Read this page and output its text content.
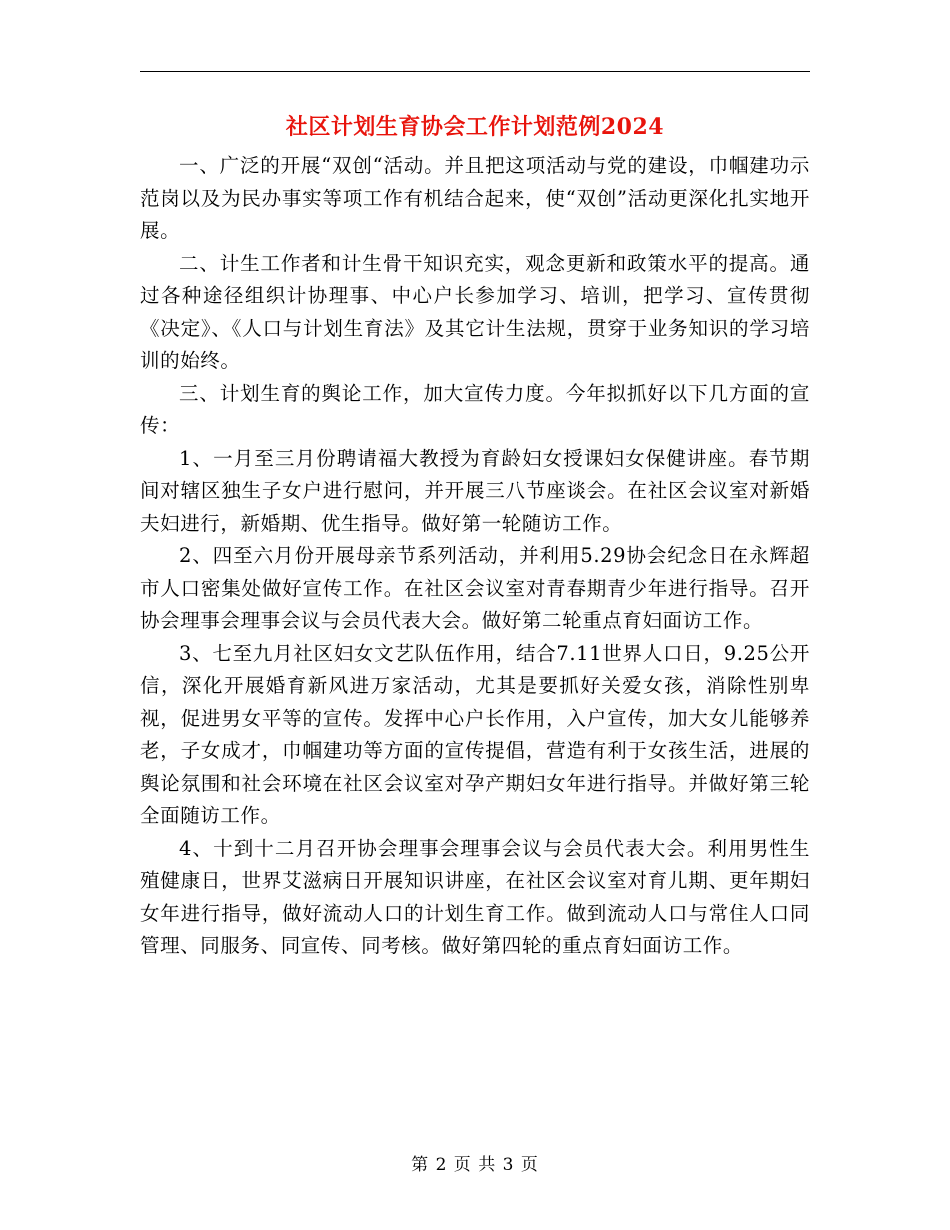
社区计划生育协会工作计划范例2024

一、广泛的开展“双创“活动。并且把这项活动与党的建设，巾帼建功示范岗以及为民办事实等项工作有机结合起来，使“双创”活动更深化扎实地开展。

二、计生工作者和计生骨干知识充实，观念更新和政策水平的提高。通过各种途径组织计协理事、中心户长参加学习、培训，把学习、宣传贯彻《决定》、《人口与计划生育法》及其它计生法规，贯穿于业务知识的学习培训的始终。

三、计划生育的舆论工作，加大宣传力度。今年拟抓好以下几方面的宣传：

1、一月至三月份聘请福大教授为育龄妇女授课妇女保健讲座。春节期间对辖区独生子女户进行慰问，并开展三八节座谈会。在社区会议室对新婚夫妇进行，新婚期、优生指导。做好第一轮随访工作。

2、四至六月份开展母亲节系列活动，并利用5.29协会纪念日在永辉超市人口密集处做好宣传工作。在社区会议室对青春期青少年进行指导。召开协会理事会理事会议与会员代表大会。做好第二轮重点育妇面访工作。

3、七至九月社区妇女文艺队伍作用，结合7.11世界人口日，9.25公开信，深化开展婚育新风进万家活动，尤其是要抓好关爱女孩，消除性别卑视，促进男女平等的宣传。发挥中心户长作用，入户宣传，加大女儿能够养老，子女成才，巾帼建功等方面的宣传提倡，营造有利于女孩生活，进展的舆论氛围和社会环境在社区会议室对孕产期妇女年进行指导。并做好第三轮全面随访工作。

4、十到十二月召开协会理事会理事会议与会员代表大会。利用男性生殖健康日，世界艾滋病日开展知识讲座，在社区会议室对育儿期、更年期妇女年进行指导，做好流动人口的计划生育工作。做到流动人口与常住人口同管理、同服务、同宣传、同考核。做好第四轮的重点育妇面访工作。

第 2 页 共 3 页
